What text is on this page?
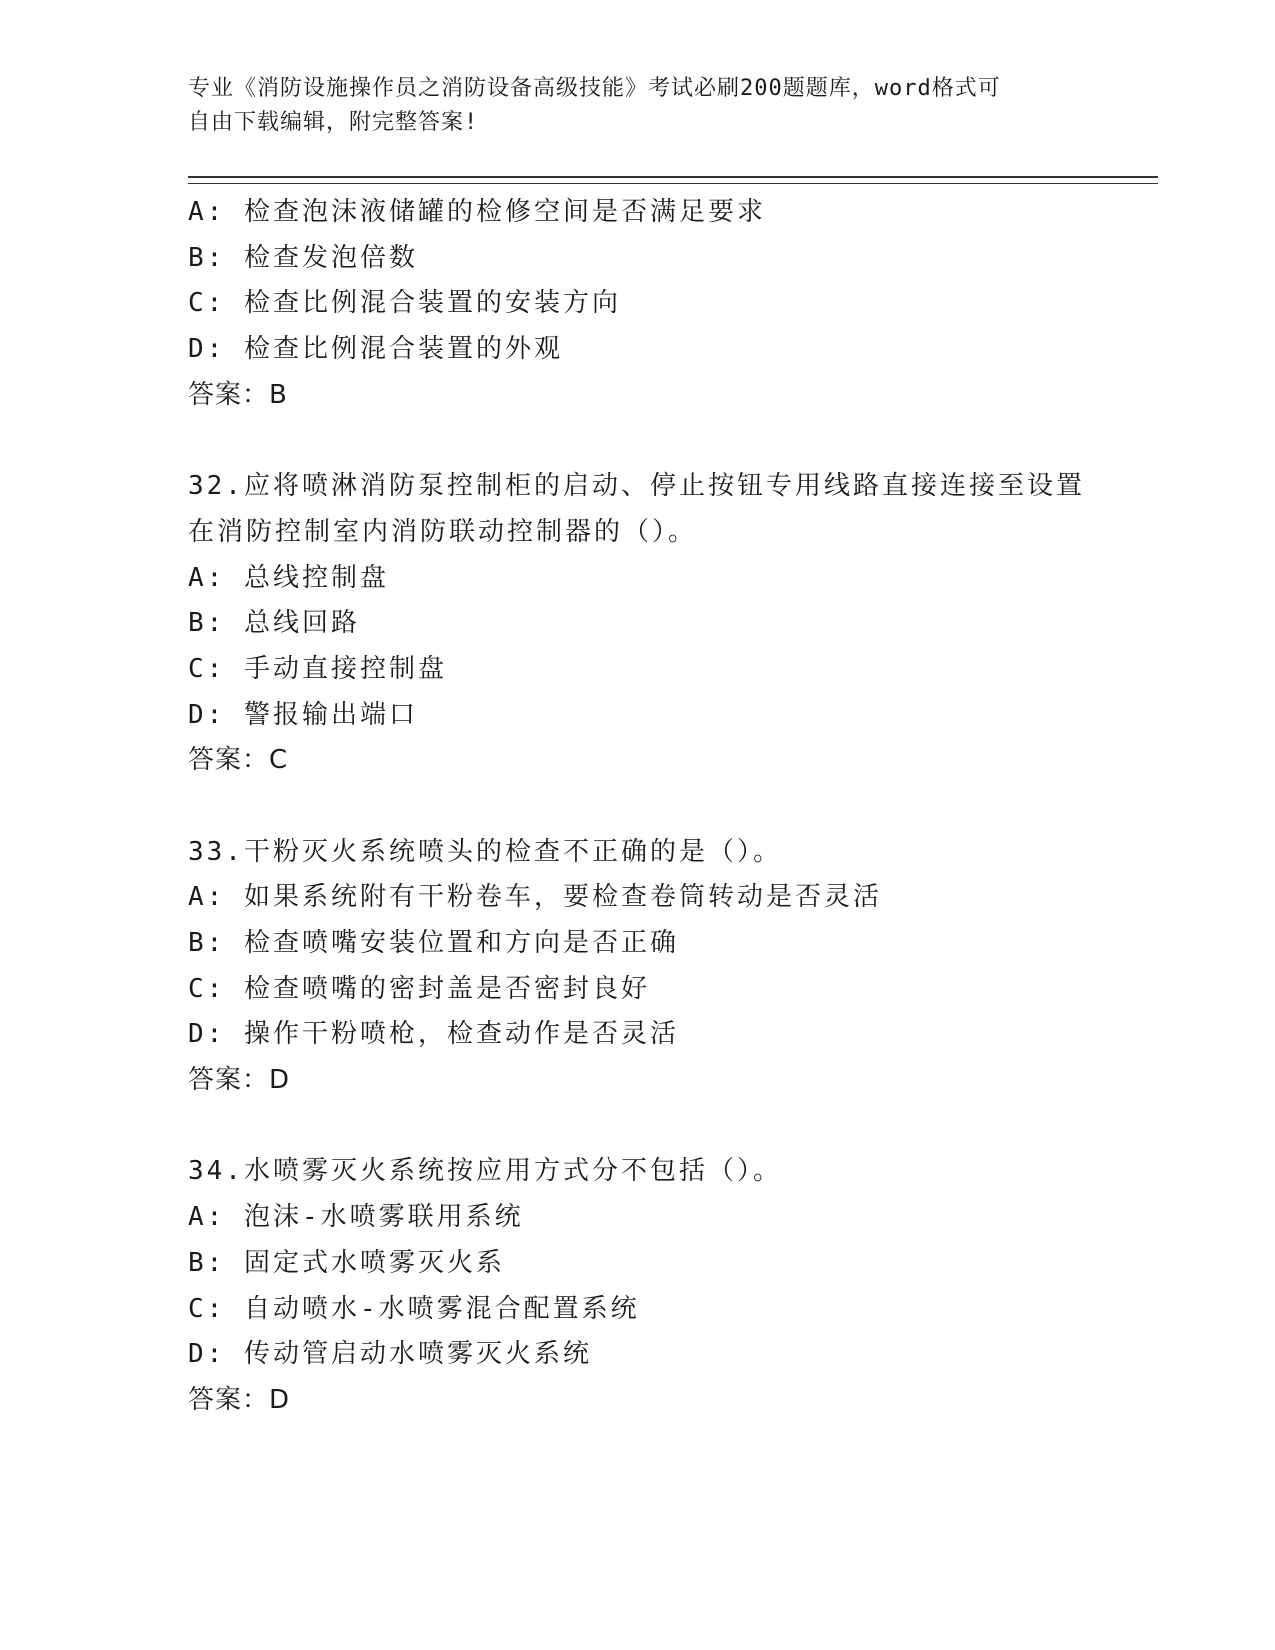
专业《消防设施操作员之消防设备高级技能》考试必刷200题题库，word格式可
自由下载编辑，附完整答案!
A: 检查泡沫液储罐的检修空间是否满足要求
B: 检查发泡倍数
C: 检查比例混合装置的安装方向
D: 检查比例混合装置的外观
答案：B
32.应将喷淋消防泵控制柜的启动、停止按钮专用线路直接连接至设置
在消防控制室内消防联动控制器的（）。
A: 总线控制盘
B: 总线回路
C: 手动直接控制盘
D: 警报输出端口
答案：C
33.干粉灭火系统喷头的检查不正确的是（）。
A: 如果系统附有干粉卷车，要检查卷筒转动是否灵活
B: 检查喷嘴安装位置和方向是否正确
C: 检查喷嘴的密封盖是否密封良好
D: 操作干粉喷枪，检查动作是否灵活
答案：D
34.水喷雾灭火系统按应用方式分不包括（）。
A: 泡沫-水喷雾联用系统
B: 固定式水喷雾灭火系
C: 自动喷水-水喷雾混合配置系统
D: 传动管启动水喷雾灭火系统
答案：D
